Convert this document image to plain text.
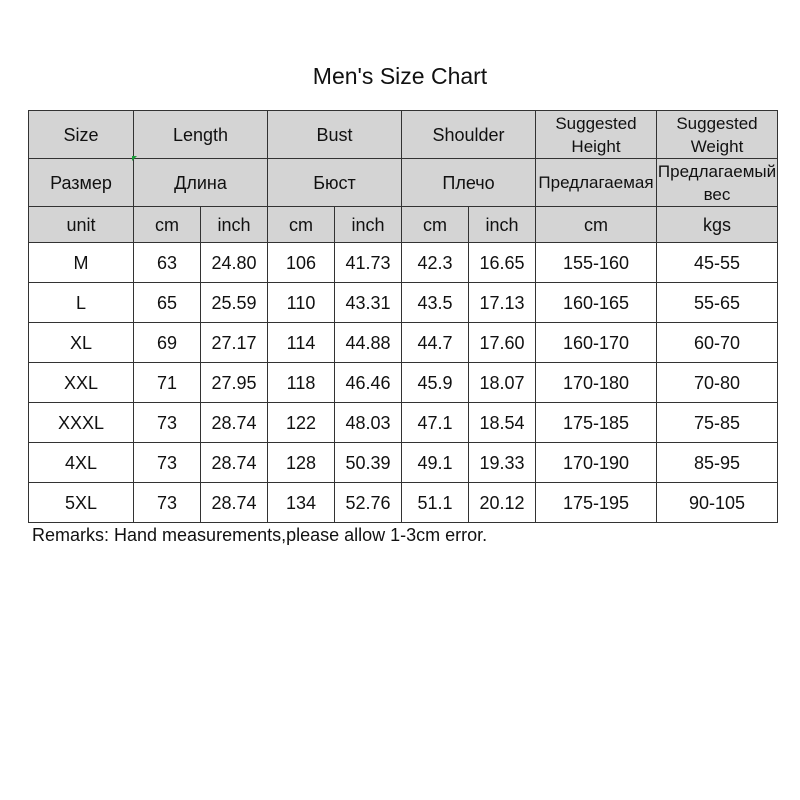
Men's Size Chart
Size	Length		Bust		Shoulder		Suggested Height	Suggested Weight
Размер	Длина		Бюст		Плечо		Предлагаемая	Предлагаемый вес
unit	cm	inch	cm	inch	cm	inch	cm	kgs
M	63	24.80	106	41.73	42.3	16.65	155-160	45-55
L	65	25.59	110	43.31	43.5	17.13	160-165	55-65
XL	69	27.17	114	44.88	44.7	17.60	160-170	60-70
XXL	71	27.95	118	46.46	45.9	18.07	170-180	70-80
XXXL	73	28.74	122	48.03	47.1	18.54	175-185	75-85
4XL	73	28.74	128	50.39	49.1	19.33	170-190	85-95
5XL	73	28.74	134	52.76	51.1	20.12	175-195	90-105
Remarks: Hand measurements,please allow 1-3cm error.
